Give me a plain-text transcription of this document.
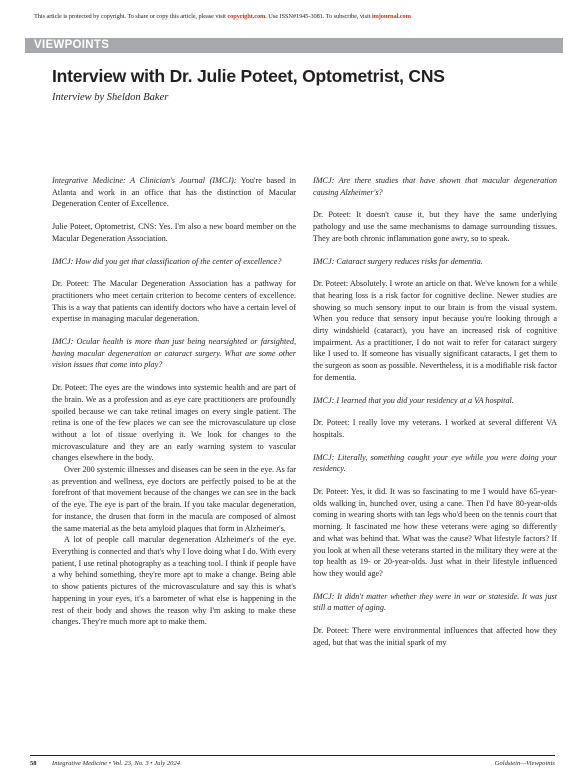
This article is protected by copyright. To share or copy this article, please visit copyright.com. Use ISSN#1945-3081. To subscribe, visit imjournal.com
VIEWPOINTS
Interview with Dr. Julie Poteet, Optometrist, CNS
Interview by Sheldon Baker

Integrative Medicine: A Clinician's Journal (IMCJ): You're based in Atlanta and work in an office that has the distinction of Macular Degeneration Center of Excellence.

Julie Poteet, Optometrist, CNS: Yes. I'm also a new board member on the Macular Degeneration Association.

IMCJ: How did you get that classification of the center of excellence?

Dr. Poteet: The Macular Degeneration Association has a pathway for practitioners who meet certain criterion to become centers of excellence. This is a way that patients can identify doctors who have a certain level of expertise in managing macular degeneration.

IMCJ: Ocular health is more than just being nearsighted or farsighted, having macular degeneration or cataract surgery. What are some other vision issues that come into play?

Dr. Poteet: The eyes are the windows into systemic health and are part of the brain. We as a profession and as eye care practitioners are profoundly spoiled because we can take retinal images on every single patient. The retina is one of the few places we can see the microvasculature up close without a lot of tissue overlying it. We look for changes to the microvasculature and they are an early warning system to vascular changes elsewhere in the body.

Over 200 systemic illnesses and diseases can be seen in the eye. As far as prevention and wellness, eye doctors are perfectly poised to be at the forefront of that movement because of the changes we can see in the back of the eye. The eye is part of the brain. If you take macular degeneration, for instance, the drusen that form in the macula are composed of almost the same material as the beta amyloid plaques that form in Alzheimer's.

A lot of people call macular degeneration Alzheimer's of the eye. Everything is connected and that's why I love doing what I do. With every patient, I use retinal photography as a teaching tool. I think if people have a why behind something, they're more apt to make a change. Being able to show patients pictures of the microvasculature and say this is what's happening in your eyes, it's a barometer of what else is happening in the rest of their body and shows the reason why I'm asking to make these changes. They're much more apt to make them.

IMCJ: Are there studies that have shown that macular degeneration causing Alzheimer's?

Dr. Poteet: It doesn't cause it, but they have the same underlying pathology and use the same mechanisms to damage surrounding tissues. They are both chronic inflammation gone awry, so to speak.

IMCJ: Cataract surgery reduces risks for dementia.

Dr. Poteet: Absolutely. I wrote an article on that. We've known for a while that hearing loss is a risk factor for cognitive decline. Newer studies are showing so much sensory input to our brain is from the visual system. When you reduce that sensory input because you're looking through a dirty windshield (cataract), you have an increased risk of cognitive impairment. As a practitioner, I do not wait to refer for cataract surgery like I used to. If someone has visually significant cataracts, I get them to the surgeon as soon as possible. Nevertheless, it is a modifiable risk factor for dementia.

IMCJ: I learned that you did your residency at a VA hospital.

Dr. Poteet: I really love my veterans. I worked at several different VA hospitals.

IMCJ: Literally, something caught your eye while you were doing your residency.

Dr. Poteet: Yes, it did. It was so fascinating to me I would have 65-year-olds walking in, hunched over, using a cane. Then I'd have 80-year-olds coming in wearing shorts with tan legs who'd been on the tennis court that morning. It fascinated me how these veterans were aging so differently and what was behind that. What was the cause? What lifestyle factors? If you look at when all these veterans started in the military they were at the top health as 19- or 20-year-olds. Just what in their lifestyle influenced how they would age?

IMCJ: It didn't matter whether they were in war or stateside. It was just still a matter of aging.

Dr. Poteet: There were environmental influences that affected how they aged, but that was the initial spark of my

58 Integrative Medicine • Vol. 23, No. 3 • July 2024	Goldstein—Viewpoints
